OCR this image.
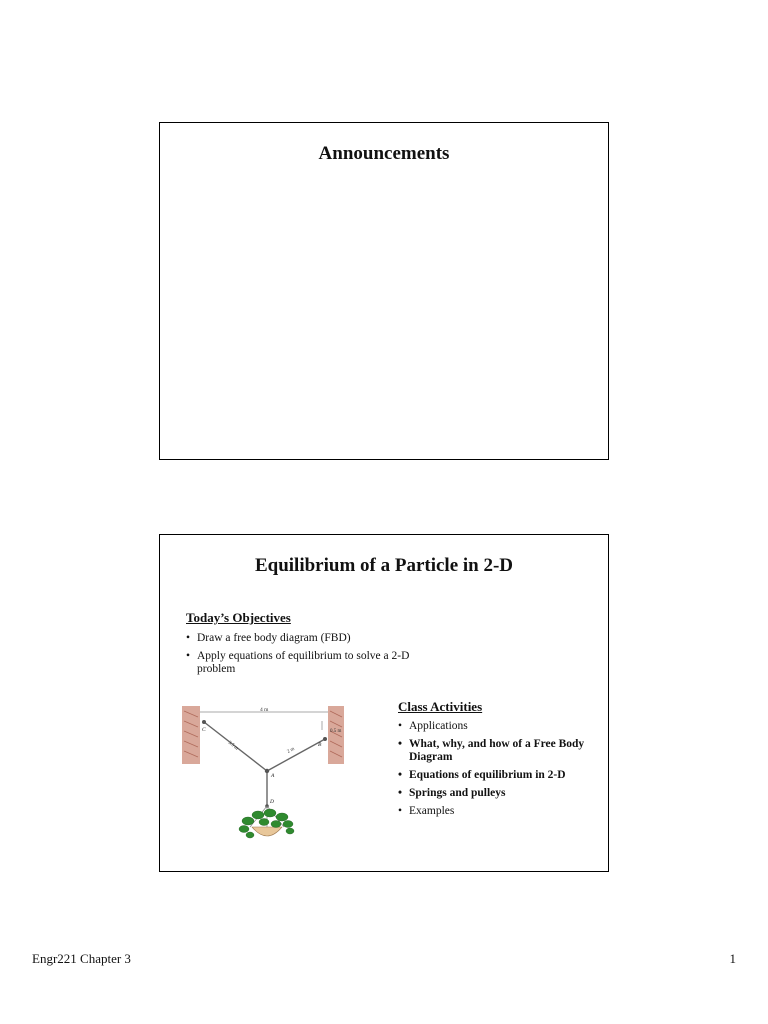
Announcements
Equilibrium of a Particle in 2-D
Today’s Objectives
• Draw a free body diagram (FBD)
• Apply equations of equilibrium to solve a 2-D problem
4 m
0.5 m
3.5 m	2 m
C
B
A
D
Class Activities
• Applications
• What, why, and how of a Free Body Diagram
• Equations of equilibrium in 2-D
• Springs and pulleys
• Examples
Engr221 Chapter 3	1
